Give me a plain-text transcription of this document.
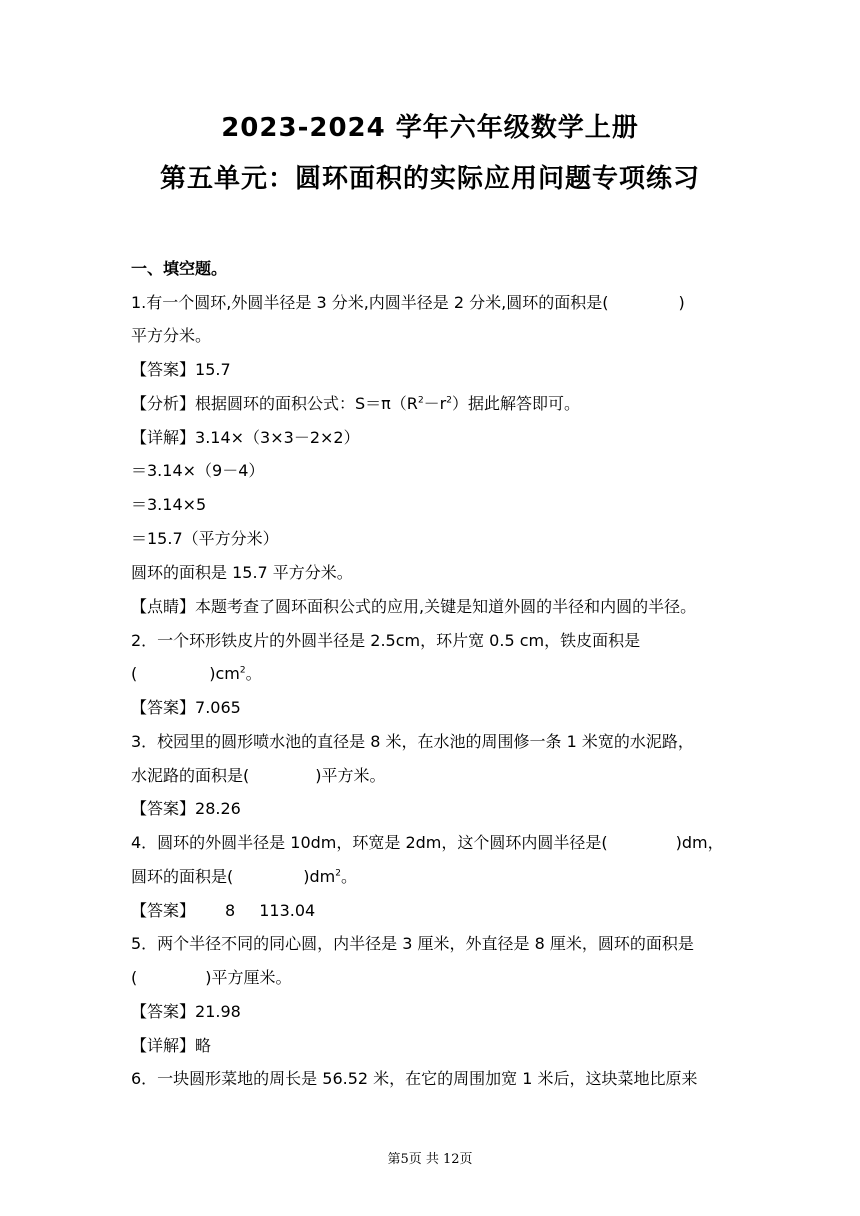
2023-2024 学年六年级数学上册
第五单元：圆环面积的实际应用问题专项练习
一、填空题。
1.有一个圆环,外圆半径是 3 分米,内圆半径是 2 分米,圆环的面积是(	)
平方分米。
【答案】15.7
【分析】根据圆环的面积公式：$S=\pi(R^2-r^2)$据此解答即可。
【详解】3.14×（3×3－2×2）
＝3.14×（9－4）
＝3.14×5
＝15.7（平方分米）
圆环的面积是 15.7 平方分米。
【点睛】本题考查了圆环面积公式的应用,关键是知道外圆的半径和内圆的半径。
2．一个环形铁皮片的外圆半径是 2.5cm，环片宽 0.5 cm，铁皮面积是
(	)$cm^2$。
【答案】7.065
3．校园里的圆形喷水池的直径是 8 米，在水池的周围修一条 1 米宽的水泥路，
水泥路的面积是(	)平方米。
【答案】28.26
4．圆环的外圆半径是 10dm，环宽是 2dm，这个圆环内圆半径是(	)dm，
圆环的面积是(	)$dm^2$。
【答案】 8 113.04
5．两个半径不同的同心圆，内半径是 3 厘米，外直径是 8 厘米，圆环的面积是
(	)平方厘米。
【答案】21.98
【详解】略
6．一块圆形菜地的周长是 56.52 米，在它的周围加宽 1 米后，这块菜地比原来
第5页 共 12页
